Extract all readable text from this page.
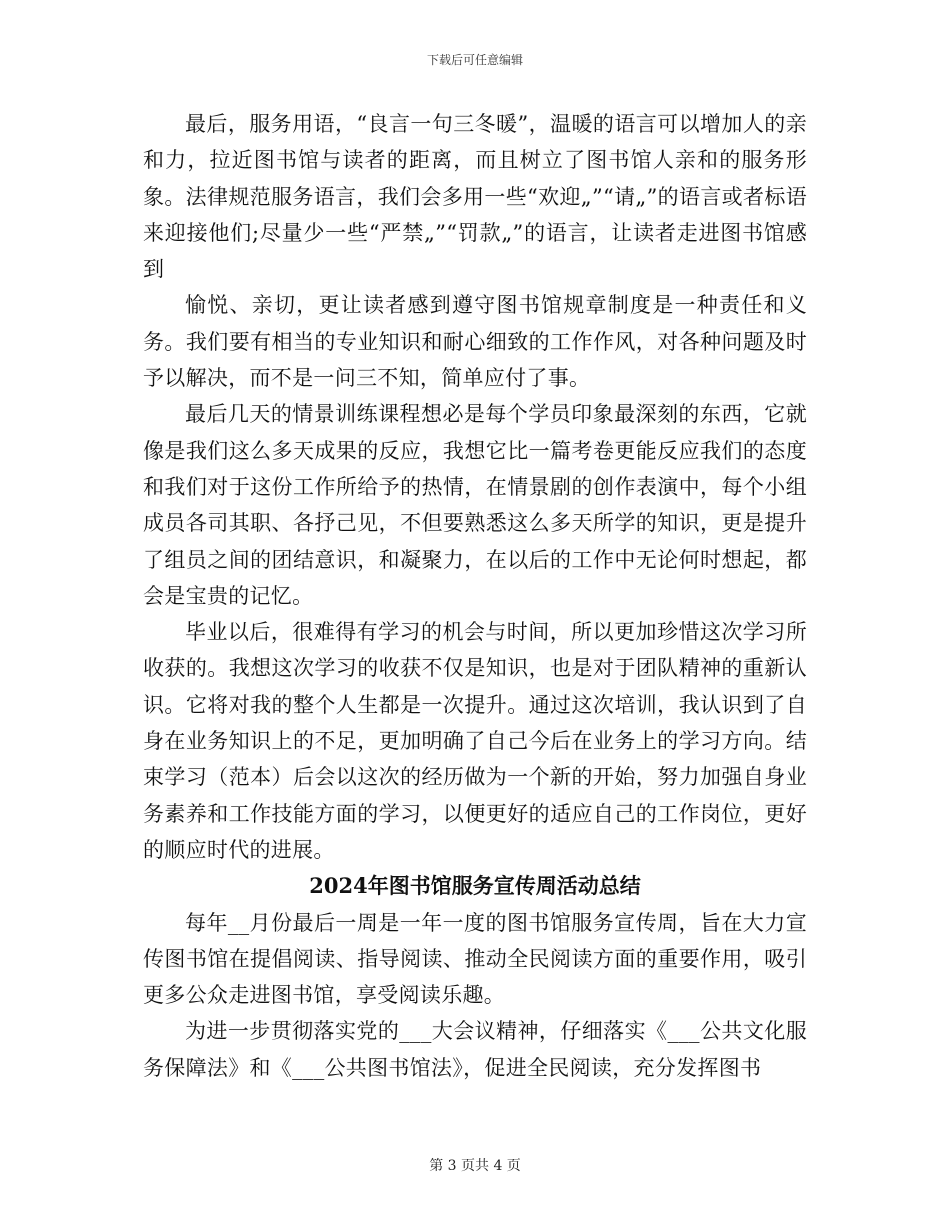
下载后可任意编辑

最后，服务用语，“良言一句三冬暖”，温暖的语言可以增加人的亲和力，拉近图书馆与读者的距离，而且树立了图书馆人亲和的服务形象。法律规范服务语言，我们会多用一些“欢迎„”“请„”的语言或者标语来迎接他们;尽量少一些“严禁„”“罚款„”的语言，让读者走进图书馆感到

愉悦、亲切，更让读者感到遵守图书馆规章制度是一种责任和义务。我们要有相当的专业知识和耐心细致的工作作风，对各种问题及时予以解决，而不是一问三不知，简单应付了事。

最后几天的情景训练课程想必是每个学员印象最深刻的东西，它就像是我们这么多天成果的反应，我想它比一篇考卷更能反应我们的态度和我们对于这份工作所给予的热情，在情景剧的创作表演中，每个小组成员各司其职、各抒己见，不但要熟悉这么多天所学的知识，更是提升了组员之间的团结意识，和凝聚力，在以后的工作中无论何时想起，都会是宝贵的记忆。

毕业以后，很难得有学习的机会与时间，所以更加珍惜这次学习所收获的。我想这次学习的收获不仅是知识，也是对于团队精神的重新认识。它将对我的整个人生都是一次提升。通过这次培训，我认识到了自身在业务知识上的不足，更加明确了自己今后在业务上的学习方向。结束学习（范本）后会以这次的经历做为一个新的开始，努力加强自身业务素养和工作技能方面的学习，以便更好的适应自己的工作岗位，更好的顺应时代的进展。

2024年图书馆服务宣传周活动总结

每年__月份最后一周是一年一度的图书馆服务宣传周，旨在大力宣传图书馆在提倡阅读、指导阅读、推动全民阅读方面的重要作用，吸引更多公众走进图书馆，享受阅读乐趣。

为进一步贯彻落实党的___大会议精神，仔细落实《___公共文化服务保障法》和《___公共图书馆法》，促进全民阅读，充分发挥图书

第 3 页共 4 页
